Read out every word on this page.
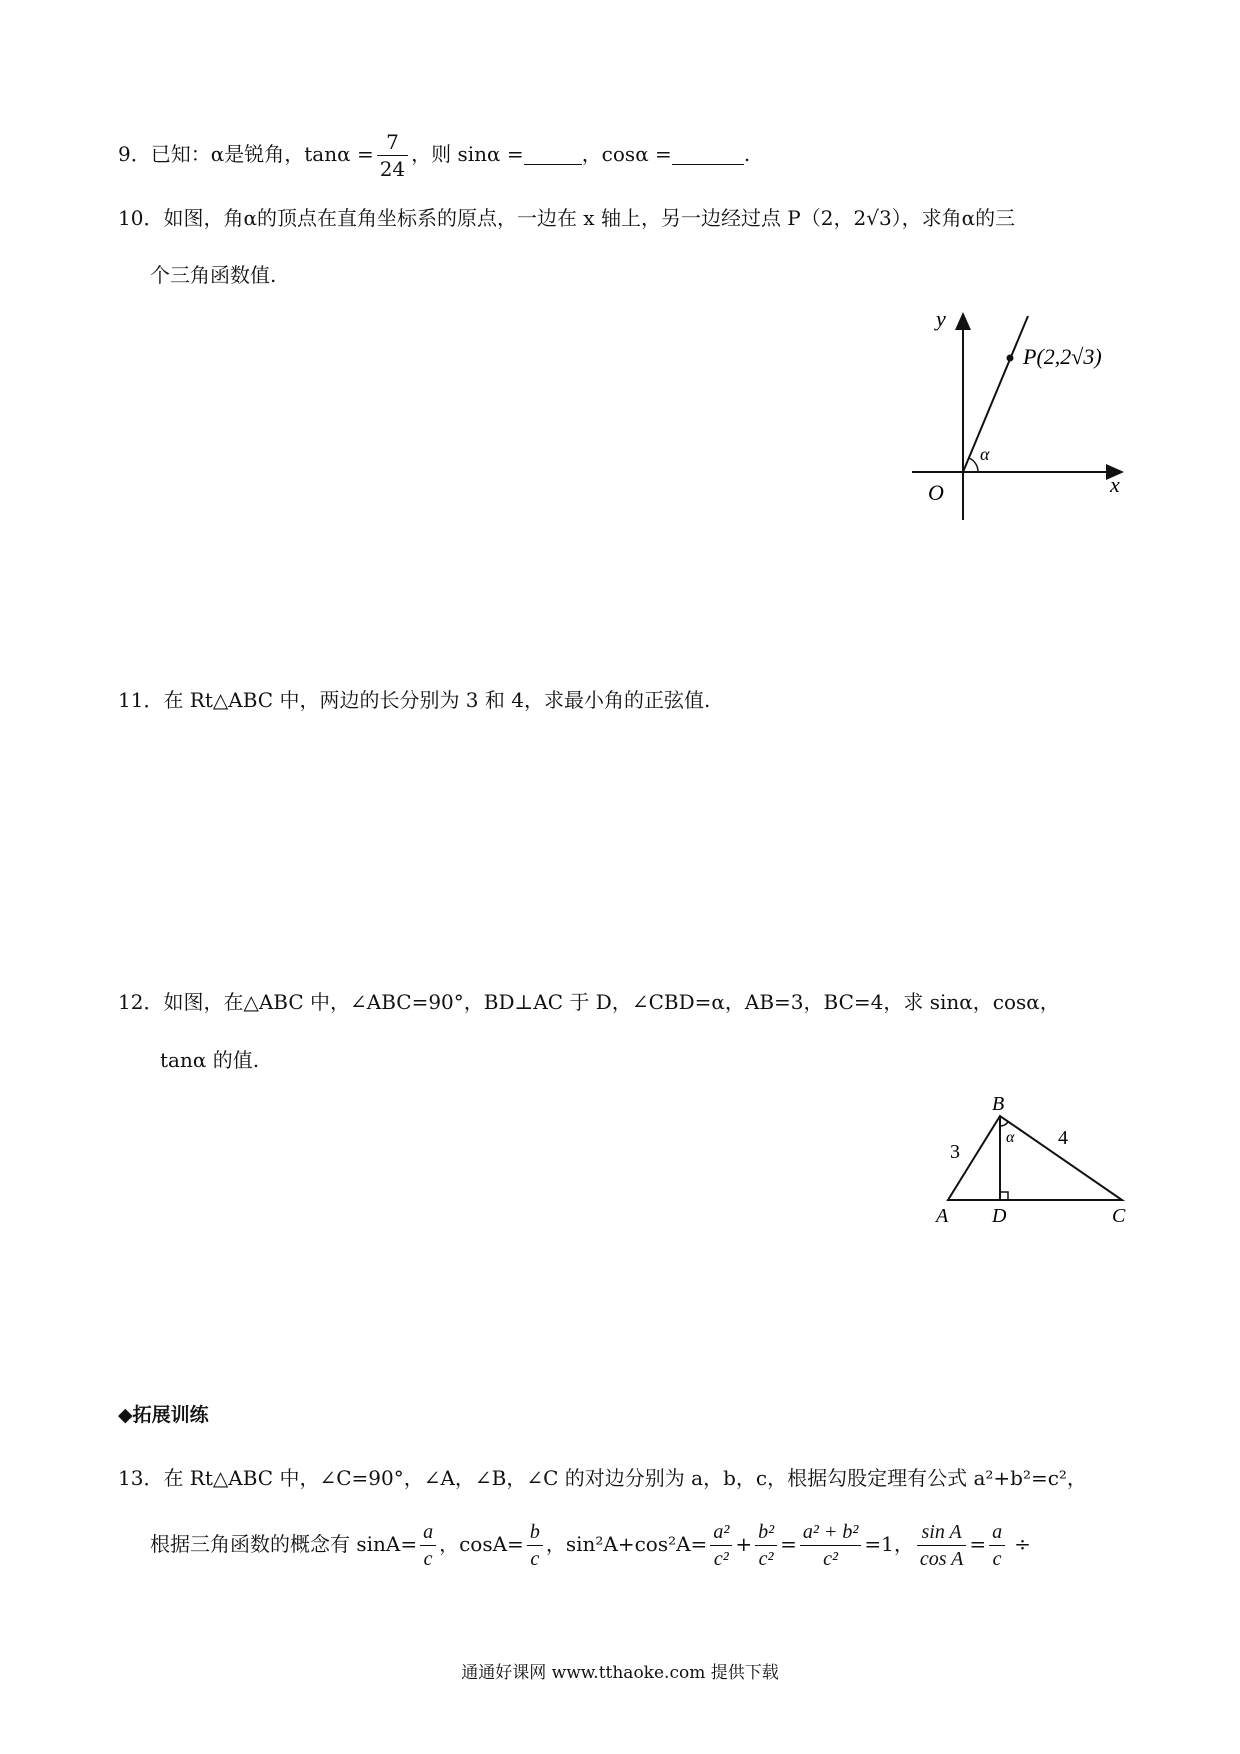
9．已知：α是锐角，$\tan\alpha = \frac{7}{24}$ ，则 sinα =	，cosα =	.
10．如图，角α的顶点在直角坐标系的原点，一边在 x 轴上，另一边经过点 P（2，2√3），求角α的三
个三角函数值.
y
x
O
P(2,2√3)
α
11．在 Rt△ABC 中，两边的长分别为 3 和 4，求最小角的正弦值.
12．如图，在△ABC 中，∠ABC=90°，BD⊥AC 于 D，∠CBD=α，AB=3，BC=4，求 sinα，cosα，
tanα 的值.
B
A D	C
3
4
α
◆拓展训练
13．在 Rt△ABC 中，∠C=90°，∠A，∠B，∠C 的对边分别为 a，b，c，根据勾股定理有公式 a²+b²=c²，
根据三角函数的概念有 $\sin A= \frac{a}{c}$ ，$\cos A= \frac{b}{c}$ ，$\sin^2A+\cos^2A= \frac{\text{a²}}{\text{c²}} + \frac{\text{b²}}{\text{c²}} = \frac{\text{a² + b²}}{\text{c²}} =1$， $\frac{\text{sin A}}{\text{cos A}} = \frac{a}{c}$ ÷
通通好课网 www.tthaoke.com 提供下载
